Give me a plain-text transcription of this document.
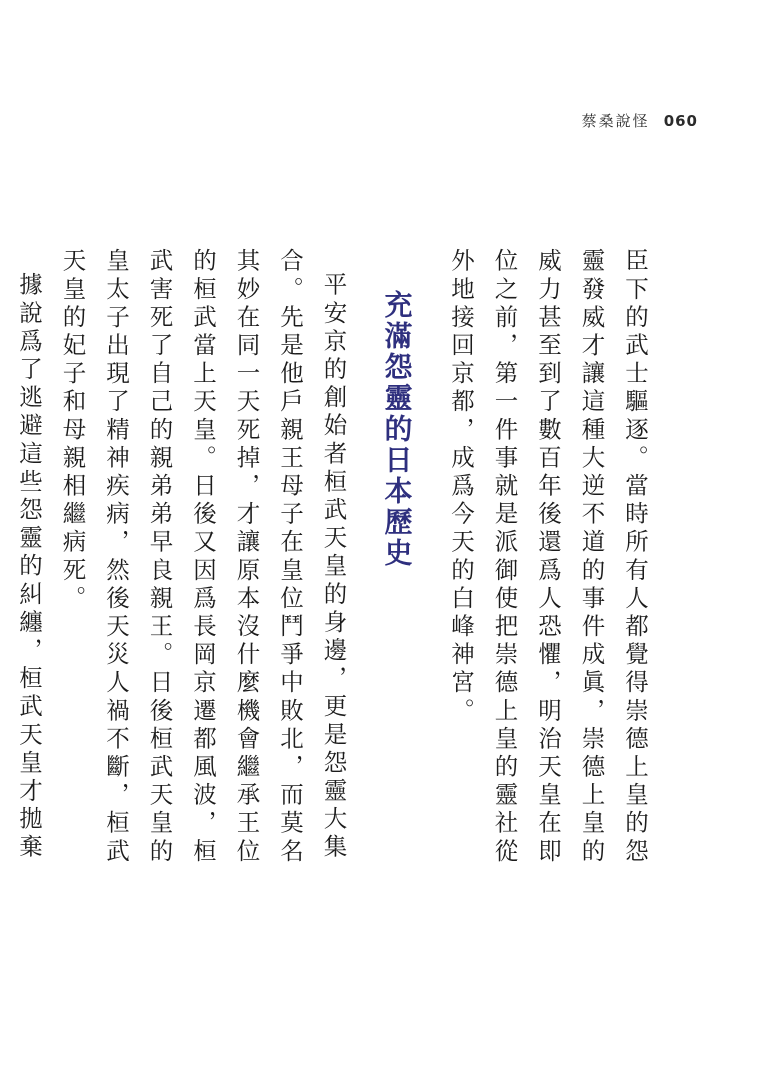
蔡桑說怪 060

臣下的武士驅逐。當時所有人都覺得崇德上皇的怨靈發威才讓這種大逆不道的事件成眞，崇德上皇的威力甚至到了數百年後還爲人恐懼，明治天皇在即位之前，第一件事就是派御使把崇德上皇的靈社從外地接回京都，成爲今天的白峰神宮。

充滿怨靈的日本歷史

平安京的創始者桓武天皇的身邊，更是怨靈大集合。先是他戶親王母子在皇位鬥爭中敗北，而莫名其妙在同一天死掉，才讓原本沒什麼機會繼承王位的桓武當上天皇。日後又因爲長岡京遷都風波，桓武害死了自己的親弟弟早良親王。日後桓武天皇的皇太子出現了精神疾病，然後天災人禍不斷，桓武天皇的妃子和母親相繼病死。

據說爲了逃避這些怨靈的糾纏，桓武天皇才拋棄
